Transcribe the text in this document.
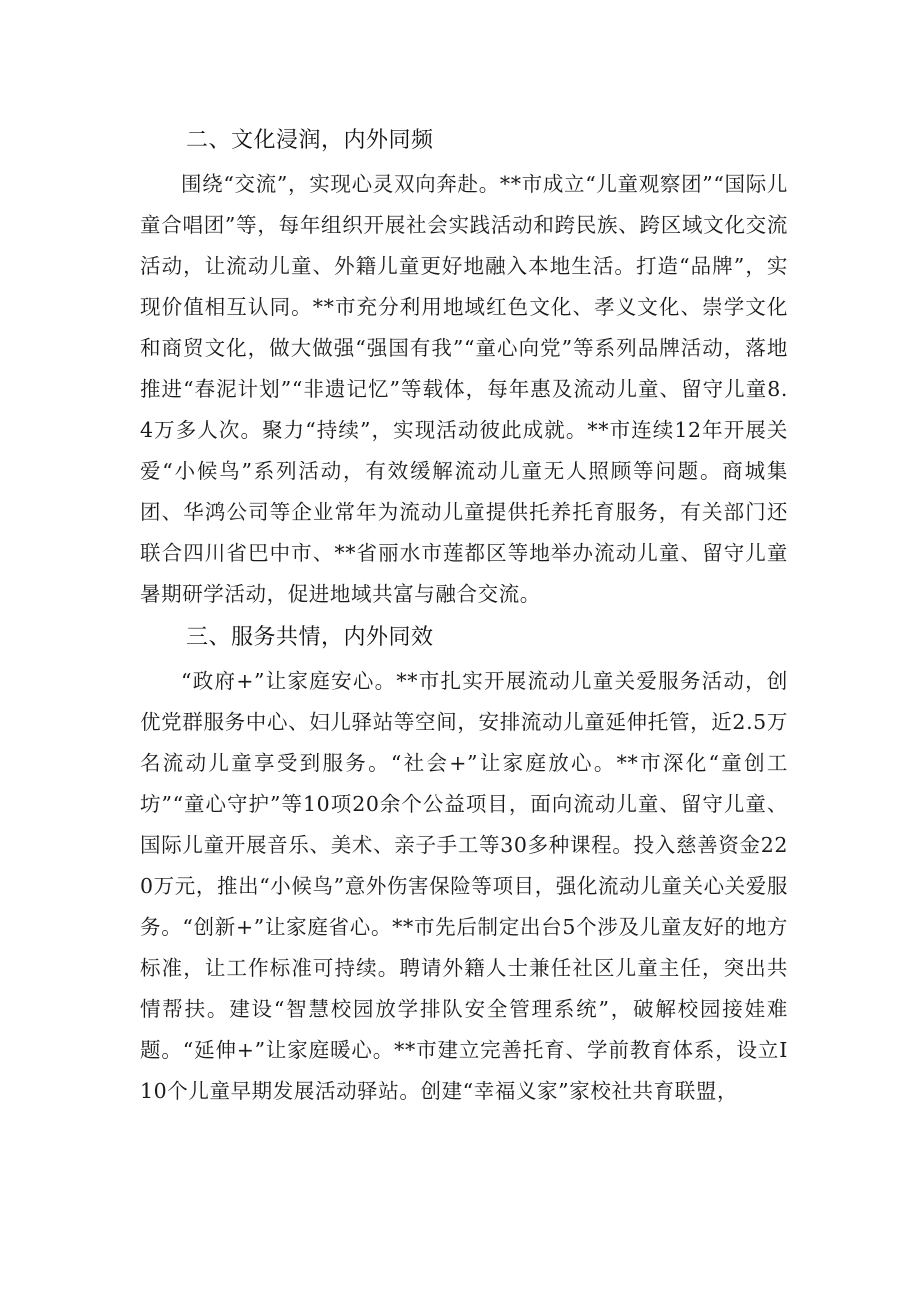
二、文化浸润，内外同频

围绕“交流”，实现心灵双向奔赴。**市成立“儿童观察团”“国际儿童合唱团”等，每年组织开展社会实践活动和跨民族、跨区域文化交流活动，让流动儿童、外籍儿童更好地融入本地生活。打造“品牌”，实现价值相互认同。**市充分利用地域红色文化、孝义文化、崇学文化和商贸文化，做大做强“强国有我”“童心向党”等系列品牌活动，落地推进“春泥计划”“非遗记忆”等载体，每年惠及流动儿童、留守儿童8.4万多人次。聚力“持续”，实现活动彼此成就。**市连续12年开展关爱“小候鸟”系列活动，有效缓解流动儿童无人照顾等问题。商城集团、华鸿公司等企业常年为流动儿童提供托养托育服务，有关部门还联合四川省巴中市、**省丽水市莲都区等地举办流动儿童、留守儿童暑期研学活动，促进地域共富与融合交流。

三、服务共情，内外同效

“政府+”让家庭安心。**市扎实开展流动儿童关爱服务活动，创优党群服务中心、妇儿驿站等空间，安排流动儿童延伸托管，近2.5万名流动儿童享受到服务。“社会+”让家庭放心。**市深化“童创工坊”“童心守护”等10项20余个公益项目，面向流动儿童、留守儿童、国际儿童开展音乐、美术、亲子手工等30多种课程。投入慈善资金220万元，推出“小候鸟”意外伤害保险等项目，强化流动儿童关心关爱服务。“创新+”让家庭省心。**市先后制定出台5个涉及儿童友好的地方标准，让工作标准可持续。聘请外籍人士兼任社区儿童主任，突出共情帮扶。建设“智慧校园放学排队安全管理系统”，破解校园接娃难题。“延伸+”让家庭暖心。**市建立完善托育、学前教育体系，设立I10个儿童早期发展活动驿站。创建“幸福义家”家校社共育联盟，
